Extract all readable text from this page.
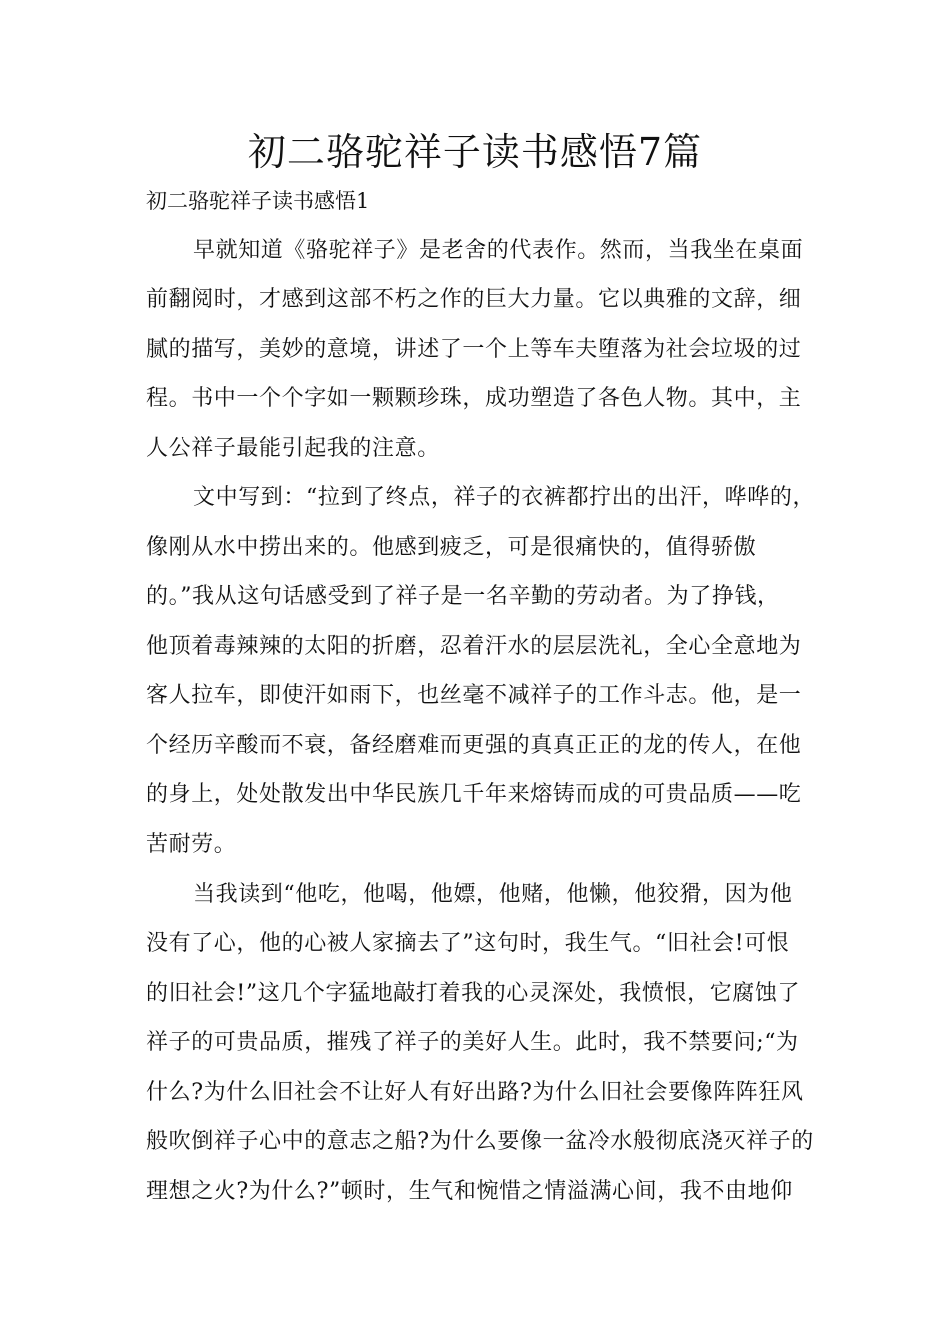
初二骆驼祥子读书感悟7篇
初二骆驼祥子读书感悟1
早就知道《骆驼祥子》是老舍的代表作。然而，当我坐在桌面
前翻阅时，才感到这部不朽之作的巨大力量。它以典雅的文辞，细
腻的描写，美妙的意境，讲述了一个上等车夫堕落为社会垃圾的过
程。书中一个个字如一颗颗珍珠，成功塑造了各色人物。其中，主
人公祥子最能引起我的注意。
文中写到：“拉到了终点，祥子的衣裤都拧出的出汗，哗哗的，
像刚从水中捞出来的。他感到疲乏，可是很痛快的，值得骄傲
的。”我从这句话感受到了祥子是一名辛勤的劳动者。为了挣钱，
他顶着毒辣辣的太阳的折磨，忍着汗水的层层洗礼，全心全意地为
客人拉车，即使汗如雨下，也丝毫不减祥子的工作斗志。他，是一
个经历辛酸而不衰，备经磨难而更强的真真正正的龙的传人，在他
的身上，处处散发出中华民族几千年来熔铸而成的可贵品质——吃
苦耐劳。
当我读到“他吃，他喝，他嫖，他赌，他懒，他狡猾，因为他
没有了心，他的心被人家摘去了”这句时，我生气。“旧社会!可恨
的旧社会!”这几个字猛地敲打着我的心灵深处，我愤恨，它腐蚀了
祥子的可贵品质，摧残了祥子的美好人生。此时，我不禁要问;“为
什么?为什么旧社会不让好人有好出路?为什么旧社会要像阵阵狂风
般吹倒祥子心中的意志之船?为什么要像一盆冷水般彻底浇灭祥子的
理想之火?为什么?”顿时，生气和惋惜之情溢满心间，我不由地仰
